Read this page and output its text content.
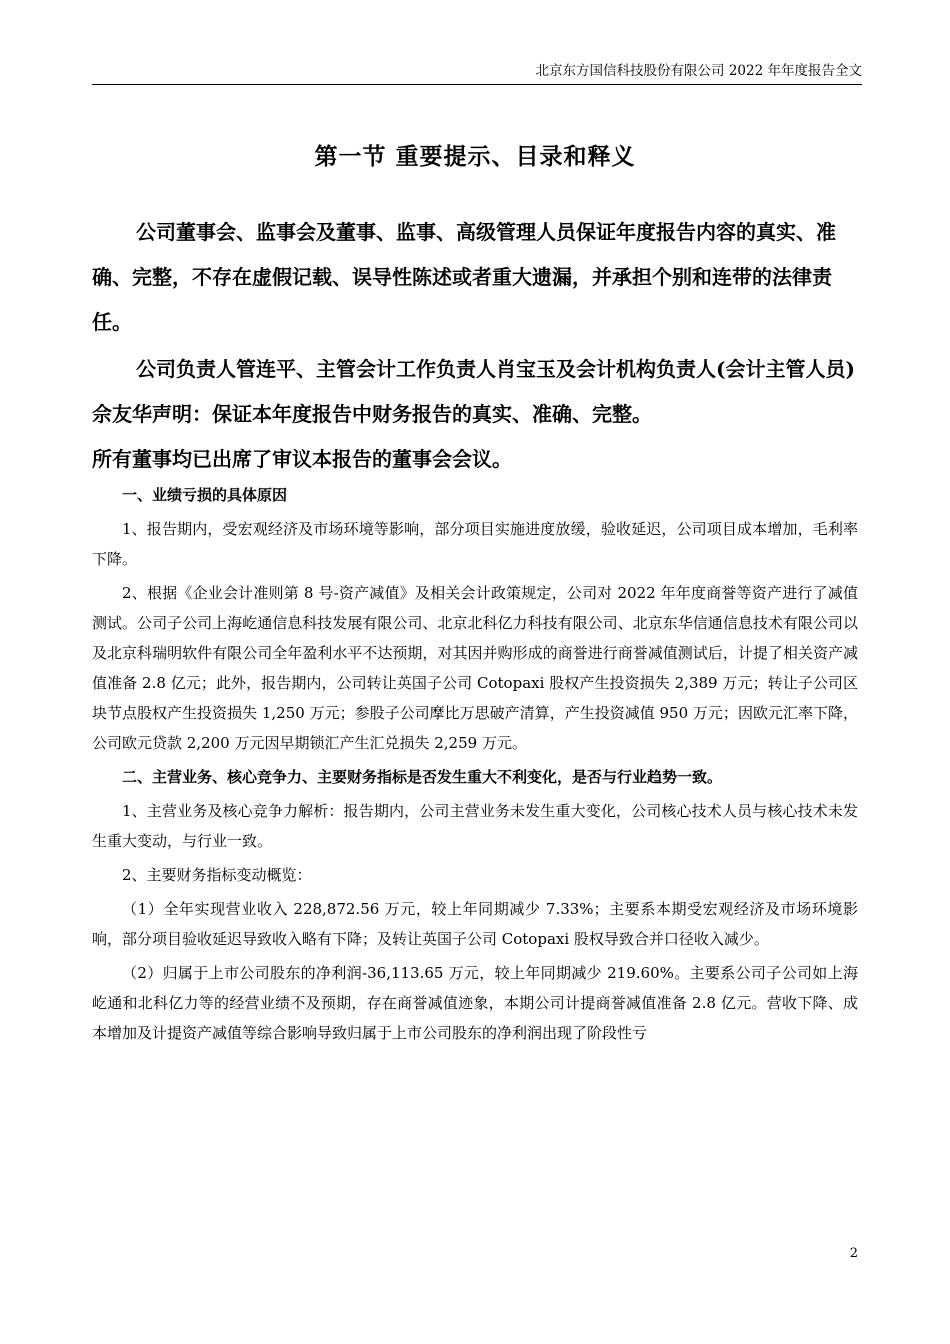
北京东方国信科技股份有限公司 2022 年年度报告全文
第一节 重要提示、目录和释义

公司董事会、监事会及董事、监事、高级管理人员保证年度报告内容的真实、准确、完整，不存在虚假记载、误导性陈述或者重大遗漏，并承担个别和连带的法律责任。

公司负责人管连平、主管会计工作负责人肖宝玉及会计机构负责人(会计主管人员)佘友华声明：保证本年度报告中财务报告的真实、准确、完整。

所有董事均已出席了审议本报告的董事会会议。

一、业绩亏损的具体原因

1、报告期内，受宏观经济及市场环境等影响，部分项目实施进度放缓，验收延迟，公司项目成本增加，毛利率下降。

2、根据《企业会计准则第 8 号-资产减值》及相关会计政策规定，公司对 2022 年年度商誉等资产进行了减值测试。公司子公司上海屹通信息科技发展有限公司、北京北科亿力科技有限公司、北京东华信通信息技术有限公司以及北京科瑞明软件有限公司全年盈利水平不达预期，对其因并购形成的商誉进行商誉减值测试后，计提了相关资产减值准备 2.8 亿元；此外，报告期内，公司转让英国子公司 Cotopaxi 股权产生投资损失 2,389 万元；转让子公司区块节点股权产生投资损失 1,250 万元；参股子公司摩比万思破产清算，产生投资减值 950 万元；因欧元汇率下降，公司欧元贷款 2,200 万元因早期锁汇产生汇兑损失 2,259 万元。

二、主营业务、核心竞争力、主要财务指标是否发生重大不利变化，是否与行业趋势一致。

1、主营业务及核心竞争力解析：报告期内，公司主营业务未发生重大变化，公司核心技术人员与核心技术未发生重大变动，与行业一致。

2、主要财务指标变动概览：

（1）全年实现营业收入 228,872.56 万元，较上年同期减少 7.33%；主要系本期受宏观经济及市场环境影响，部分项目验收延迟导致收入略有下降；及转让英国子公司 Cotopaxi 股权导致合并口径收入减少。

（2）归属于上市公司股东的净利润-36,113.65 万元，较上年同期减少 219.60%。主要系公司子公司如上海屹通和北科亿力等的经营业绩不及预期，存在商誉减值迹象，本期公司计提商誉减值准备 2.8 亿元。营收下降、成本增加及计提资产减值等综合影响导致归属于上市公司股东的净利润出现了阶段性亏

2
